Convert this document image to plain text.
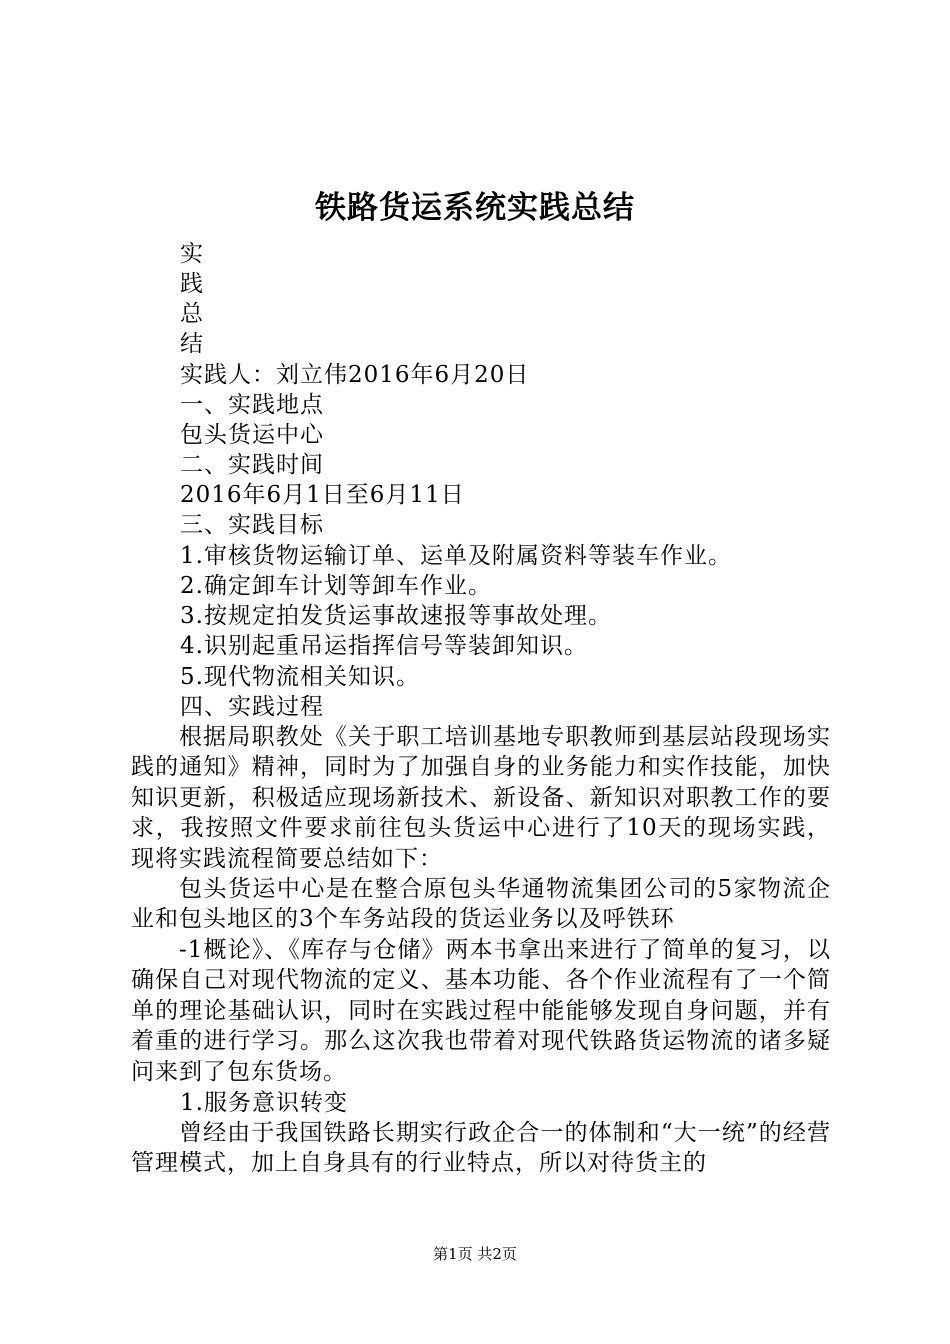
铁路货运系统实践总结
实
践
总
结
实践人：刘立伟2016年6月20日
一、实践地点
包头货运中心
二、实践时间
2016年6月1日至6月11日
三、实践目标
1.审核货物运输订单、运单及附属资料等装车作业。
2.确定卸车计划等卸车作业。
3.按规定拍发货运事故速报等事故处理。
4.识别起重吊运指挥信号等装卸知识。
5.现代物流相关知识。
四、实践过程
根据局职教处《关于职工培训基地专职教师到基层站段现场实践的通知》精神，同时为了加强自身的业务能力和实作技能，加快知识更新，积极适应现场新技术、新设备、新知识对职教工作的要求，我按照文件要求前往包头货运中心进行了10天的现场实践，现将实践流程简要总结如下：
包头货运中心是在整合原包头华通物流集团公司的5家物流企业和包头地区的3个车务站段的货运业务以及呼铁环
-1概论》、《库存与仓储》两本书拿出来进行了简单的复习，以确保自己对现代物流的定义、基本功能、各个作业流程有了一个简单的理论基础认识，同时在实践过程中能能够发现自身问题，并有着重的进行学习。那么这次我也带着对现代铁路货运物流的诸多疑问来到了包东货场。
1.服务意识转变
曾经由于我国铁路长期实行政企合一的体制和“大一统”的经营管理模式，加上自身具有的行业特点，所以对待货主的
第1页 共2页
